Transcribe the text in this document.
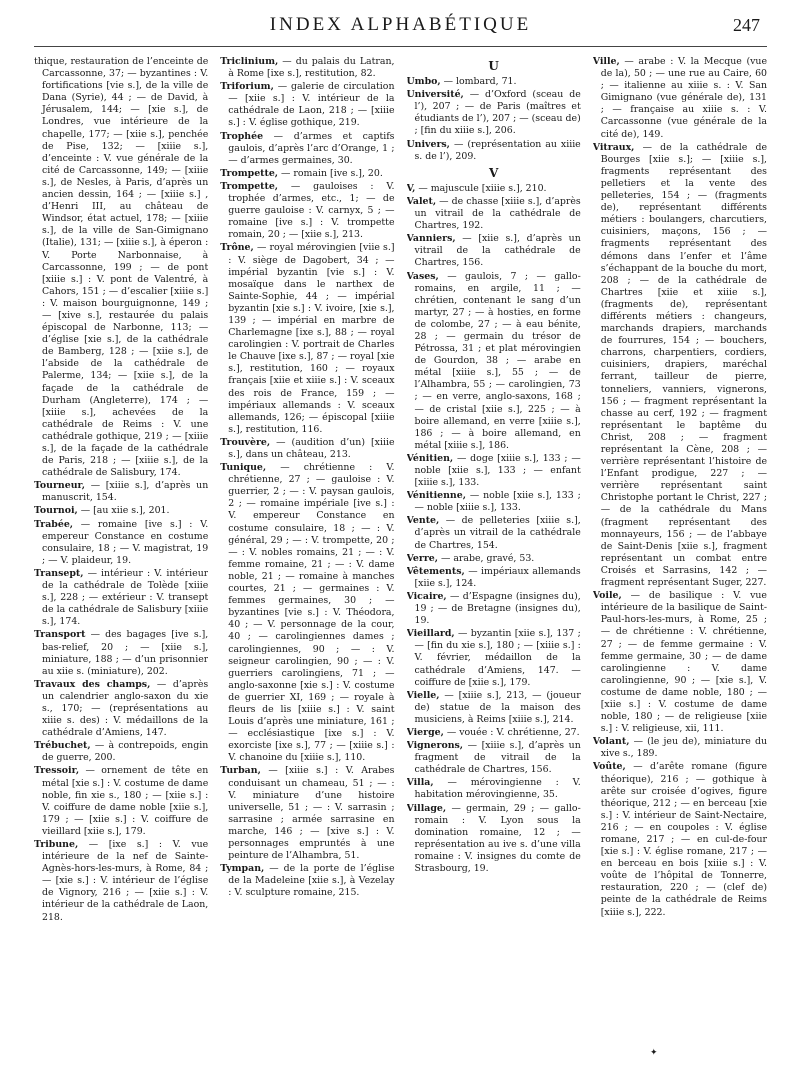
INDEX ALPHABÉTIQUE	247

thique, restauration de l’enceinte de Carcassonne, 37; — byzantines : V. fortifications [vie s.], de la ville de Dana (Syrie), 44 ; — de David, à Jérusalem, 144; — [xie s.], de Londres, vue intérieure de la chapelle, 177; — [xiie s.], penchée de Pise, 132; — [xiiie s.], d’enceinte : V. vue générale de la cité de Carcassonne, 149; — [xiiie s.], de Nesles, à Paris, d’après un ancien dessin, 164 ; — [xiiie s.] , d’Henri III, au château de Windsor, état actuel, 178; — [xiiie s.], de la ville de San-Gimignano (Italie), 131; — [xiiie s.], à éperon : V. Porte Narbonnaise, à Carcassonne, 199 ; — de pont [xiiie s.] : V. pont de Valentré, à Cahors, 151 ; — d’escalier [xiiie s.] : V. maison bourguignonne, 149 ; — [xive s.], restaurée du palais épiscopal de Narbonne, 113; — d’église [xie s.], de la cathédrale de Bamberg, 128 ; — [xiie s.], de l’abside de la cathédrale de Palerme, 134; — [xiie s.], de la façade de la cathédrale de Durham (Angleterre), 174 ; — [xiiie s.], achevées de la cathédrale de Reims : V. une cathédrale gothique, 219 ; — [xiiie s.], de la façade de la cathédrale de Paris, 218 ; — [xiiie s.], de la cathédrale de Salisbury, 174.

Tourneur, — [xiiie s.], d’après un manuscrit, 154.

Tournoi, — [au xiie s.], 201.

Trabée, — romaine [ive s.] : V. empereur Constance en costume consulaire, 18 ; — V. magistrat, 19 ; — V. plaideur, 19.

Transept, — intérieur : V. intérieur de la cathédrale de Tolède [xiiie s.], 228 ; — extérieur : V. transept de la cathédrale de Salisbury [xiiie s.], 174.

Transport — des bagages [ive s.], bas-relief, 20 ; — [xiie s.], miniature, 188 ; — d’un prisonnier au xiie s. (miniature), 202.

Travaux des champs, — d’après un calendrier anglo-saxon du xie s., 170; — (représentations au xiiie s. des) : V. médaillons de la cathédrale d’Amiens, 147.

Trébuchet, — à contrepoids, engin de guerre, 200.

Tressoir, — ornement de tête en métal [xie s.] : V. costume de dame noble, fin xie s., 180 ; — [xiie s.] : V. coiffure de dame noble [xiie s.], 179 ; — [xiie s.] : V. coiffure de vieillard [xiie s.], 179.

Tribune, — [ixe s.] : V. vue intérieure de la nef de Sainte-Agnès-hors-les-murs, à Rome, 84 ; — [xie s.] : V. intérieur de l’église de Vignory, 216 ; — [xiie s.] : V. intérieur de la cathédrale de Laon, 218.

Triclinium, — du palais du Latran, à Rome [ixe s.], restitution, 82.

Triforium, — galerie de circulation — [xiie s.] : V. intérieur de la cathédrale de Laon, 218 ; — [xiiie s.] : V. église gothique, 219.

Trophée — d’armes et captifs gaulois, d’après l’arc d’Orange, 1 ; — d’armes germaines, 30.

Trompette, — romain [ive s.], 20.

Trompette, — gauloises : V. trophée d’armes, etc., 1; — de guerre gauloise : V. carnyx, 5 ; — romaine [ive s.] : V. trompette romain, 20 ; — [xiie s.], 213.

Trône, — royal mérovingien [viie s.] : V. siège de Dagobert, 34 ; — impérial byzantin [vie s.] : V. mosaïque dans le narthex de Sainte-Sophie, 44 ; — impérial byzantin [xie s.] : V. ivoire, [xie s.], 139 ; — impérial en marbre de Charlemagne [ixe s.], 88 ; — royal carolingien : V. portrait de Charles le Chauve [ixe s.], 87 ; — royal [xie s.], restitution, 160 ; — royaux français [xiie et xiiie s.] : V. sceaux des rois de France, 159 ; — impériaux allemands : V. sceaux allemands, 126; — épiscopal [xiiie s.], restitution, 116.

Trouvère, — (audition d’un) [xiiie s.], dans un château, 213.

Tunique, — chrétienne : V. chrétienne, 27 ; — gauloise : V. guerrier, 2 ; — : V. paysan gaulois, 2 ; — romaine impériale [ive s.] : V. empereur Constance en costume consulaire, 18 ; — : V. général, 29 ; — : V. trompette, 20 ; — : V. nobles romains, 21 ; — : V. femme romaine, 21 ; — : V. dame noble, 21 ; — romaine à manches courtes, 21 ; — germaines : V. femmes germaines, 30 ; — byzantines [vie s.] : V. Théodora, 40 ; — V. personnage de la cour, 40 ; — carolingiennes dames ; carolingiennes, 90 ; — : V. seigneur carolingien, 90 ; — : V. guerriers carolingiens, 71 ; — anglo-saxonne [xie s.] : V. costume de guerrier XI, 169 ; — royale à fleurs de lis [xiiie s.] : V. saint Louis d’après une miniature, 161 ; — ecclésiastique [ixe s.] : V. exorciste [ixe s.], 77 ; — [xiiie s.] : V. chanoine du [xiiie s.], 110.

Turban, — [xiiie s.] : V. Arabes conduisant un chameau, 51 ; — : V. miniature d’une histoire universelle, 51 ; — : V. sarrasin ; sarrasine ; armée sarrasine en marche, 146 ; — [xive s.] : V. personnages empruntés à une peinture de l’Alhambra, 51.

Tympan, — de la porte de l’église de la Madeleine [xiie s.], à Vezelay : V. sculpture romaine, 215.

U

Umbo, — lombard, 71.

Université, — d’Oxford (sceau de l’), 207 ; — de Paris (maîtres et étudiants de l’), 207 ; — (sceau de) ; [fin du xiiie s.], 206.

Univers, — (représentation au xiiie s. de l’), 209.

V

V, — majuscule [xiiie s.], 210.

Valet, — de chasse [xiiie s.], d’après un vitrail de la cathédrale de Chartres, 192.

Vanniers, — [xiie s.], d’après un vitrail de la cathédrale de Chartres, 156.

Vases, — gaulois, 7 ; — gallo-romains, en argile, 11 ; — chrétien, contenant le sang d’un martyr, 27 ; — à hosties, en forme de colombe, 27 ; — à eau bénite, 28 ; — germain du trésor de Pétrossa, 31 ; et plat mérovingien de Gourdon, 38 ; — arabe en métal [xiiie s.], 55 ; — de l’Alhambra, 55 ; — carolingien, 73 ; — en verre, anglo-saxons, 168 ; — de cristal [xiie s.], 225 ; — à boire allemand, en verre [xiiie s.], 186 ; — à boire allemand, en métal [xiiie s.], 186.

Vénitien, — doge [xiiie s.], 133 ; — noble [xiie s.], 133 ; — enfant [xiiie s.], 133.

Vénitienne, — noble [xiie s.], 133 ; — noble [xiiie s.], 133.

Vente, — de pelleteries [xiiie s.], d’après un vitrail de la cathédrale de Chartres, 154.

Verre, — arabe, gravé, 53.

Vêtements, — impériaux allemands [xiie s.], 124.

Vicaire, — d’Espagne (insignes du), 19 ; — de Bretagne (insignes du), 19.

Vieillard, — byzantin [xiie s.], 137 ; — [fin du xie s.], 180 ; — [xiiie s.] : V. février, médaillon de la cathédrale d’Amiens, 147. — coiffure de [xiie s.], 179.

Vielle, — [xiiie s.], 213, — (joueur de) statue de la maison des musiciens, à Reims [xiiie s.], 214.

Vierge, — vouée : V. chrétienne, 27.

Vignerons, — [xiiie s.], d’après un fragment de vitrail de la cathédrale de Chartres, 156.

Villa, — mérovingienne : V. habitation mérovingienne, 35.

Village, — germain, 29 ; — gallo-romain : V. Lyon sous la domination romaine, 12 ; — représentation au ive s. d’une villa romaine : V. insignes du comte de Strasbourg, 19.

Ville, — arabe : V. la Mecque (vue de la), 50 ; — une rue au Caire, 60 ; — italienne au xiiie s. : V. San Gimignano (vue générale de), 131 ; — française au xiiie s. : V. Carcassonne (vue générale de la cité de), 149.

Vitraux, — de la cathédrale de Bourges [xiie s.]; — [xiiie s.], fragments représentant des pelletiers et la vente des pelleteries, 154 ; — (fragments de), représentant différents métiers : boulangers, charcutiers, cuisiniers, maçons, 156 ; — fragments représentant des démons dans l’enfer et l’âme s’échappant de la bouche du mort, 208 ; — de la cathédrale de Chartres [xiie et xiiie s.], (fragments de), représentant différents métiers : changeurs, marchands drapiers, marchands de fourrures, 154 ; — bouchers, charrons, charpentiers, cordiers, cuisiniers, drapiers, maréchal ferrant, tailleur de pierre, tonneliers, vanniers, vignerons, 156 ; — fragment représentant la chasse au cerf, 192 ; — fragment représentant le baptême du Christ, 208 ; — fragment représentant la Cène, 208 ; — verrière représentant l’histoire de l’Enfant prodigue, 227 ; — verrière représentant saint Christophe portant le Christ, 227 ; — de la cathédrale du Mans (fragment représentant des monnayeurs, 156 ; — de l’abbaye de Saint-Denis [xiie s.], fragment représentant un combat entre Croisés et Sarrasins, 142 ; — fragment représentant Suger, 227.

Voile, — de basilique : V. vue intérieure de la basilique de Saint-Paul-hors-les-murs, à Rome, 25 ; — de chrétienne : V. chrétienne, 27 ; — de femme germaine : V. femme germaine, 30 ; — de dame carolingienne : V. dame carolingienne, 90 ; — [xie s.], V. costume de dame noble, 180 ; — [xiie s.] : V. costume de dame noble, 180 ; — de religieuse [xiie s.] : V. religieuse, xii, 111.

Volant, — (le jeu de), miniature du xive s., 189.

Voûte, — d’arête romane (figure théorique), 216 ; — gothique à arête sur croisée d’ogives, figure théorique, 212 ; — en berceau [xie s.] : V. intérieur de Saint-Nectaire, 216 ; — en coupoles : V. église romane, 217 ; — en cul-de-four [xie s.] : V. église romane, 217 ; — en berceau en bois [xiiie s.] : V. voûte de l’hôpital de Tonnerre, restauration, 220 ; — (clef de) peinte de la cathédrale de Reims [xiiie s.], 222.

✦
